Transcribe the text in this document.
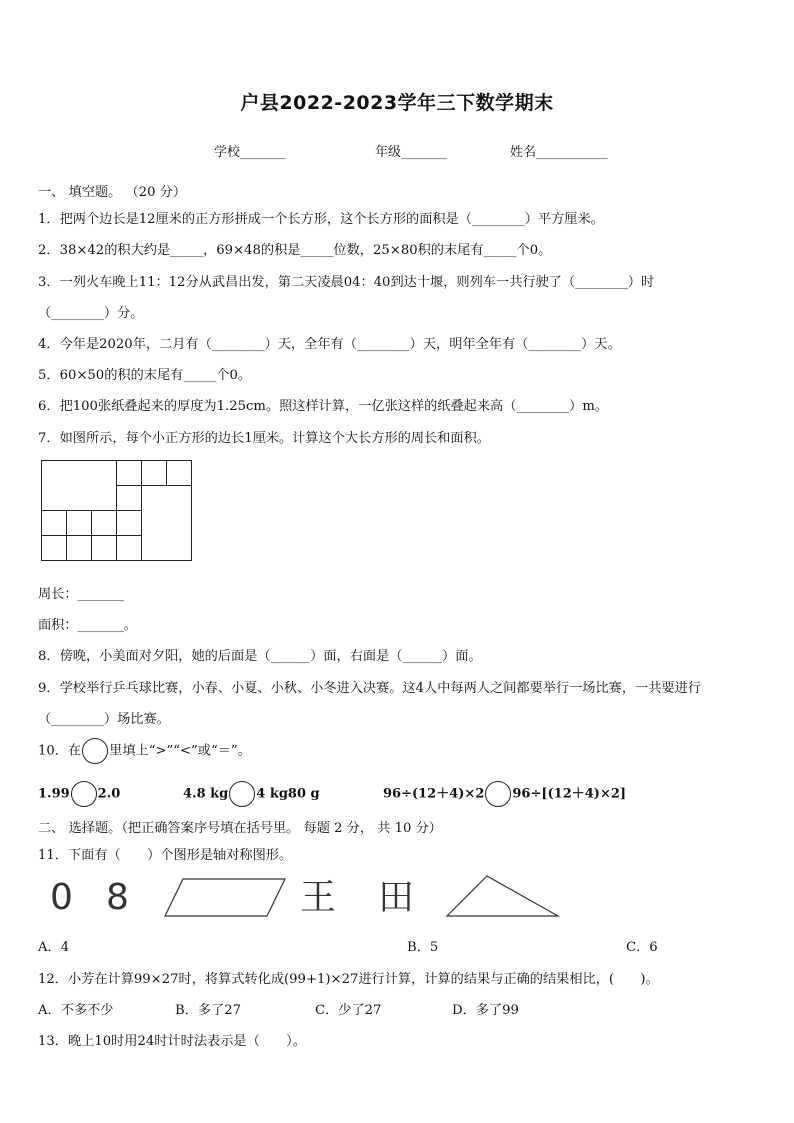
户县2022-2023学年三下数学期末
学校_______	年级_______	姓名___________
一、 填空题。 （20 分）
1．把两个边长是12厘米的正方形拼成一个长方形，这个长方形的面积是（________）平方厘米。
2．38×42的积大约是_____，69×48的积是_____位数，25×80积的末尾有_____个0。
3．一列火车晚上11：12分从武昌出发，第二天凌晨04：40到达十堰，则列车一共行驶了（________）时
（________）分。
4．今年是2020年，二月有（________）天，全年有（________）天，明年全年有（________）天。
5．60×50的积的末尾有_____个0。
6．把100张纸叠起来的厚度为1.25cm。照这样计算，一亿张这样的纸叠起来高（________）m。
7．如图所示，每个小正方形的边长1厘米。计算这个大长方形的周长和面积。
周长：_______
面积：_______。
8．傍晚，小美面对夕阳，她的后面是（______）面，右面是（______）面。
9．学校举行乒乓球比赛，小春、小夏、小秋、小冬进入决赛。这4人中每两人之间都要举行一场比赛，一共要进行
（________）场比赛。
10．在 里填上“>”“<”或“＝”。
1.99 2.0	4.8 kg 4 kg80 g	96÷(12＋4)×2 96÷[(12＋4)×2]
二、 选择题。（把正确答案序号填在括号里。 每题 2 分， 共 10 分）
11．下面有（　　）个图形是轴对称图形。
0 8	王 田
A．4	B．5	C．6
12．小芳在计算99×27时，将算式转化成(99+1)×27进行计算，计算的结果与正确的结果相比，(　　)。
A．不多不少	B．多了27	C．少了27	D．多了99
13．晚上10时用24时计时法表示是（　　）。
